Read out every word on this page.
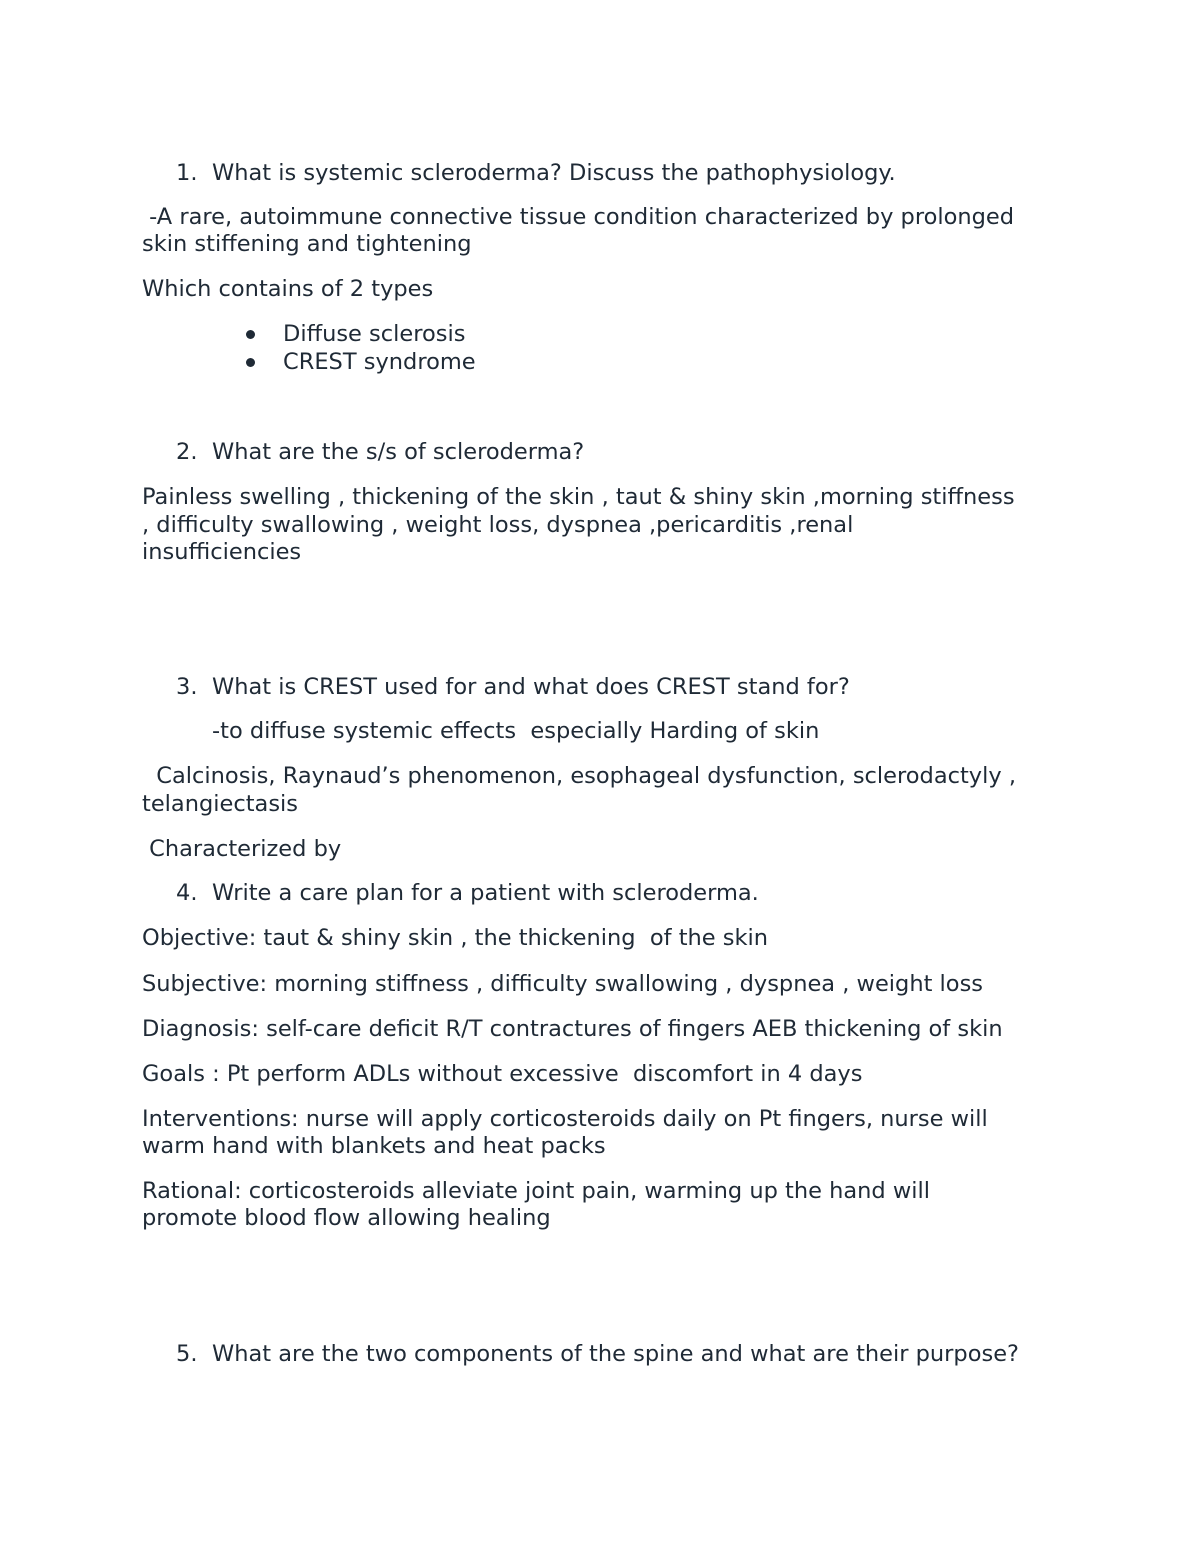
1. What is systemic scleroderma? Discuss the pathophysiology.
-A rare, autoimmune connective tissue condition characterized by prolonged
skin stiffening and tightening
Which contains of 2 types
Diffuse sclerosis
CREST syndrome
2. What are the s/s of scleroderma?
Painless swelling , thickening of the skin , taut & shiny skin ,morning stiffness
, difficulty swallowing , weight loss, dyspnea ,pericarditis ,renal
insufficiencies
3. What is CREST used for and what does CREST stand for?
-to diffuse systemic effects  especially Harding of skin
Calcinosis, Raynaud’s phenomenon, esophageal dysfunction, sclerodactyly ,
telangiectasis
Characterized by
4. Write a care plan for a patient with scleroderma.
Objective: taut & shiny skin , the thickening  of the skin
Subjective: morning stiffness , difficulty swallowing , dyspnea , weight loss
Diagnosis: self-care deficit R/T contractures of fingers AEB thickening of skin
Goals : Pt perform ADLs without excessive  discomfort in 4 days
Interventions: nurse will apply corticosteroids daily on Pt fingers, nurse will
warm hand with blankets and heat packs
Rational: corticosteroids alleviate joint pain, warming up the hand will
promote blood flow allowing healing
5. What are the two components of the spine and what are their purpose?
